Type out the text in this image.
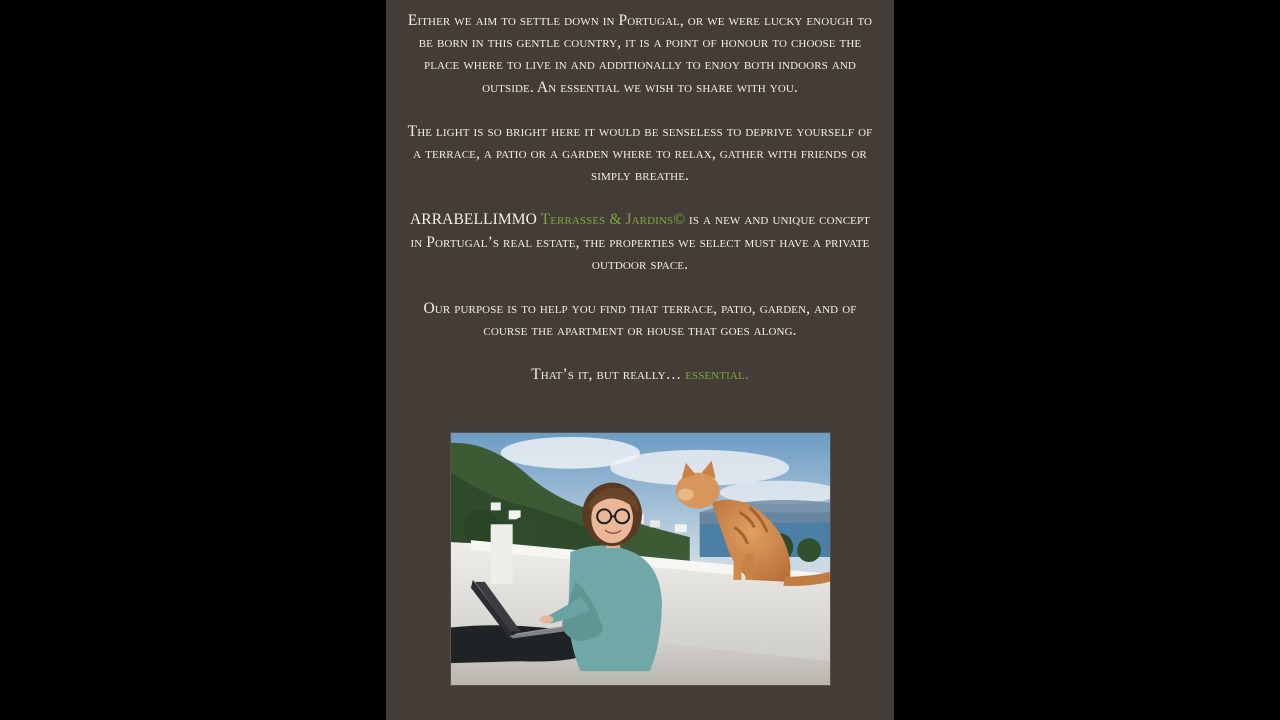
Either we aim to settle down in Portugal, or we were lucky enough to be born in this gentle country, it is a point of honour to choose the place where to live in and additionally to enjoy both indoors and outside. An essential we wish to share with you.

The light is so bright here it would be senseless to deprive yourself of a terrace, a patio or a garden where to relax, gather with friends or simply breathe.

ARRABELLIMMO Terrasses & Jardins© is a new and unique concept in Portugal’s real estate, the properties we select must have a private outdoor space.

Our purpose is to help you find that terrace, patio, garden, and of course the apartment or house that goes along.

That’s it, but really… essential.
